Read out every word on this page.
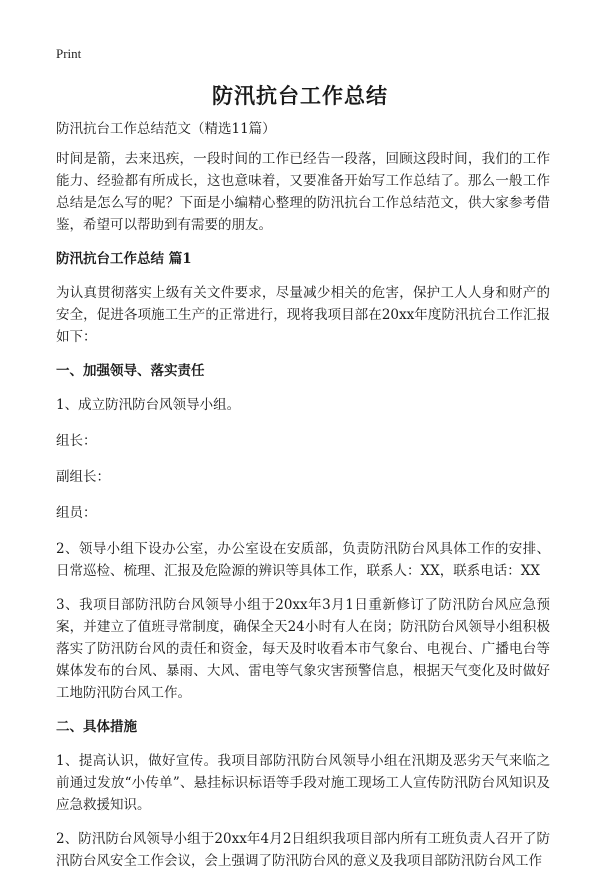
Print
防汛抗台工作总结

防汛抗台工作总结范文（精选11篇）

时间是箭，去来迅疾，一段时间的工作已经告一段落，回顾这段时间，我们的工作能力、经验都有所成长，这也意味着，又要准备开始写工作总结了。那么一般工作总结是怎么写的呢？下面是小编精心整理的防汛抗台工作总结范文，供大家参考借鉴，希望可以帮助到有需要的朋友。

防汛抗台工作总结 篇1

为认真贯彻落实上级有关文件要求，尽量减少相关的危害，保护工人人身和财产的安全，促进各项施工生产的正常进行，现将我项目部在20xx年度防汛抗台工作汇报如下：

一、加强领导、落实责任

1、成立防汛防台风领导小组。

组长：

副组长：

组员：

2、领导小组下设办公室，办公室设在安质部，负责防汛防台风具体工作的安排、日常巡检、梳理、汇报及危险源的辨识等具体工作，联系人：XX，联系电话：XX

3、我项目部防汛防台风领导小组于20xx年3月1日重新修订了防汛防台风应急预案，并建立了值班寻常制度，确保全天24小时有人在岗；防汛防台风领导小组积极落实了防汛防台风的责任和资金，每天及时收看本市气象台、电视台、广播电台等媒体发布的台风、暴雨、大风、雷电等气象灾害预警信息，根据天气变化及时做好工地防汛防台风工作。

二、具体措施

1、提高认识，做好宣传。我项目部防汛防台风领导小组在汛期及恶劣天气来临之前通过发放“小传单”、悬挂标识标语等手段对施工现场工人宣传防汛防台风知识及应急救援知识。

2、防汛防台风领导小组于20xx年4月2日组织我项目部内所有工班负责人召开了防汛防台风安全工作会议，会上强调了防汛防台风的意义及我项目部防汛防台风工作
